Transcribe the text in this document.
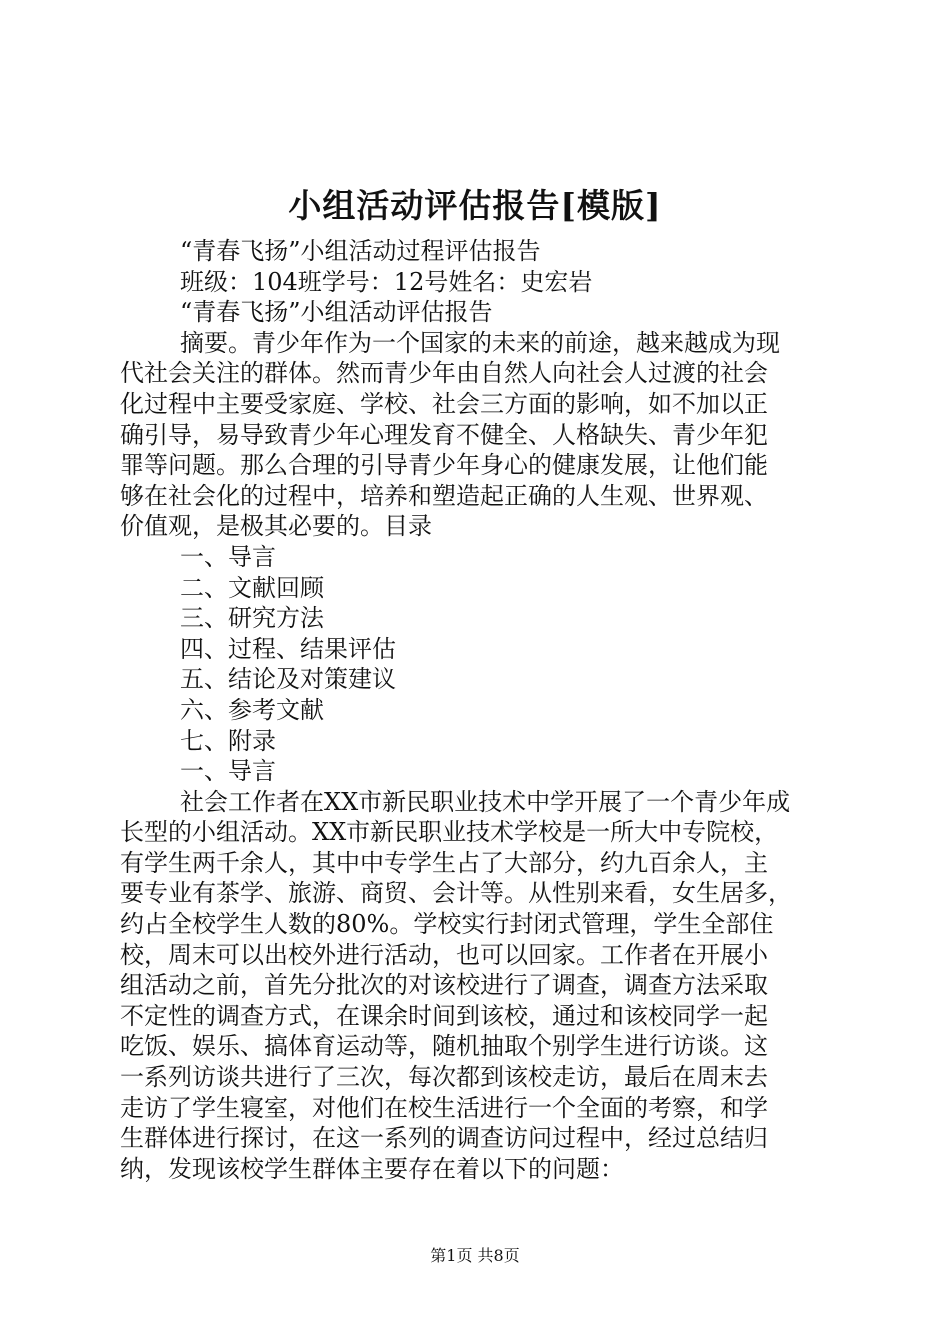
小组活动评估报告[模版]

“青春飞扬”小组活动过程评估报告

班级：104班学号：12号姓名：史宏岩

“青春飞扬”小组活动评估报告

摘要。青少年作为一个国家的未来的前途，越来越成为现

代社会关注的群体。然而青少年由自然人向社会人过渡的社会

化过程中主要受家庭、学校、社会三方面的影响，如不加以正

确引导，易导致青少年心理发育不健全、人格缺失、青少年犯

罪等问题。那么合理的引导青少年身心的健康发展，让他们能

够在社会化的过程中，培养和塑造起正确的人生观、世界观、

价值观，是极其必要的。目录

一、导言

二、文献回顾

三、研究方法

四、过程、结果评估

五、结论及对策建议

六、参考文献

七、附录

一、导言

社会工作者在XX市新民职业技术中学开展了一个青少年成

长型的小组活动。XX市新民职业技术学校是一所大中专院校，

有学生两千余人，其中中专学生占了大部分，约九百余人，主

要专业有茶学、旅游、商贸、会计等。从性别来看，女生居多，

约占全校学生人数的80%。学校实行封闭式管理，学生全部住

校，周末可以出校外进行活动，也可以回家。工作者在开展小

组活动之前，首先分批次的对该校进行了调查，调查方法采取

不定性的调查方式，在课余时间到该校，通过和该校同学一起

吃饭、娱乐、搞体育运动等，随机抽取个别学生进行访谈。这

一系列访谈共进行了三次，每次都到该校走访，最后在周末去

走访了学生寝室，对他们在校生活进行一个全面的考察，和学

生群体进行探讨，在这一系列的调查访问过程中，经过总结归

纳，发现该校学生群体主要存在着以下的问题：

第1页 共8页
